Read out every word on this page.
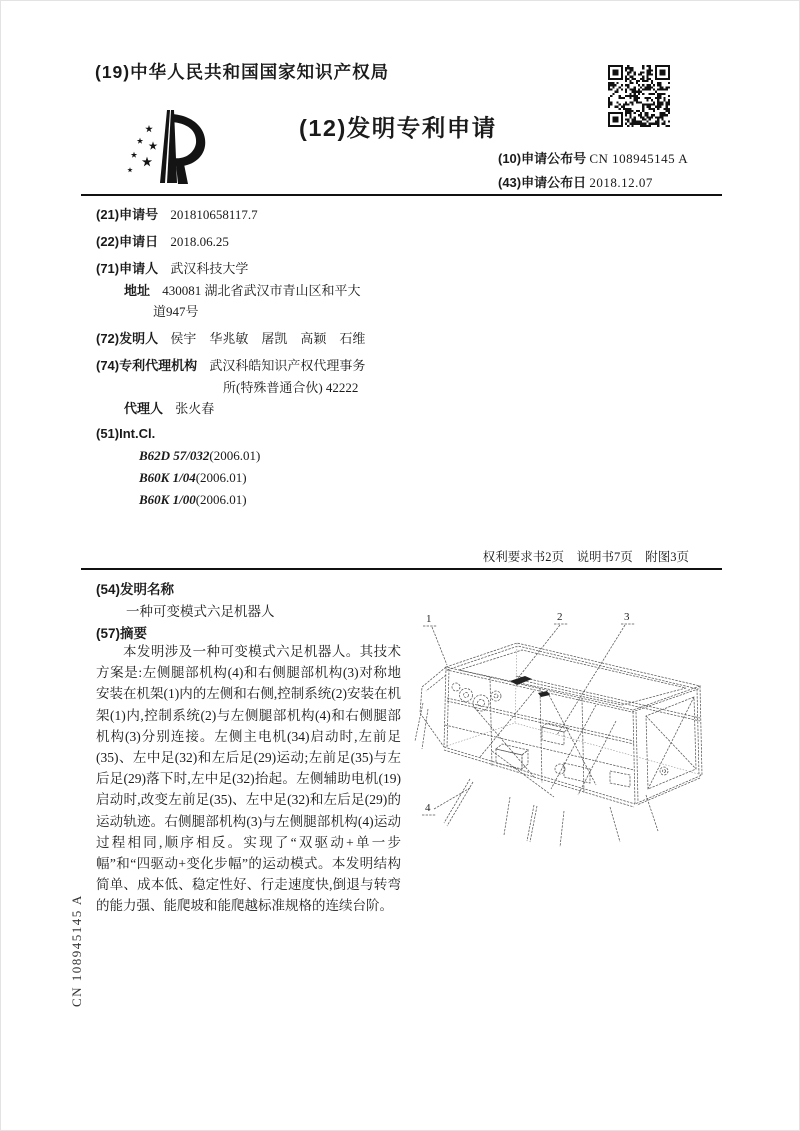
(19)中华人民共和国国家知识产权局
(12)发明专利申请
(10)申请公布号 CN 108945145 A
(43)申请公布日 2018.12.07
(21)申请号 201810658117.7
(22)申请日 2018.06.25
(71)申请人 武汉科技大学
地址 430081 湖北省武汉市青山区和平大
道947号
(72)发明人 侯宇　华兆敏　屠凯　高颖　石维
(74)专利代理机构 武汉科皓知识产权代理事务
所(特殊普通合伙) 42222
代理人 张火春
(51)Int.Cl.
B62D 57/032(2006.01)
B60K 1/04(2006.01)
B60K 1/00(2006.01)
权利要求书2页　说明书7页　附图3页
(54)发明名称
一种可变模式六足机器人
(57)摘要
本发明涉及一种可变模式六足机器人。其技术方案是:左侧腿部机构(4)和右侧腿部机构(3)对称地安装在机架(1)内的左侧和右侧,控制系统(2)安装在机架(1)内,控制系统(2)与左侧腿部机构(4)和右侧腿部机构(3)分别连接。左侧主电机(34)启动时,左前足(35)、左中足(32)和左后足(29)运动;左前足(35)与左后足(29)落下时,左中足(32)抬起。左侧辅助电机(19)启动时,改变左前足(35)、左中足(32)和左后足(29)的运动轨迹。右侧腿部机构(3)与左侧腿部机构(4)运动过程相同,顺序相反。实现了“双驱动+单一步幅”和“四驱动+变化步幅”的运动模式。本发明结构简单、成本低、稳定性好、行走速度快,倒退与转弯的能力强、能爬坡和能爬越标准规格的连续台阶。
1	2	3
4
CN 108945145 A
